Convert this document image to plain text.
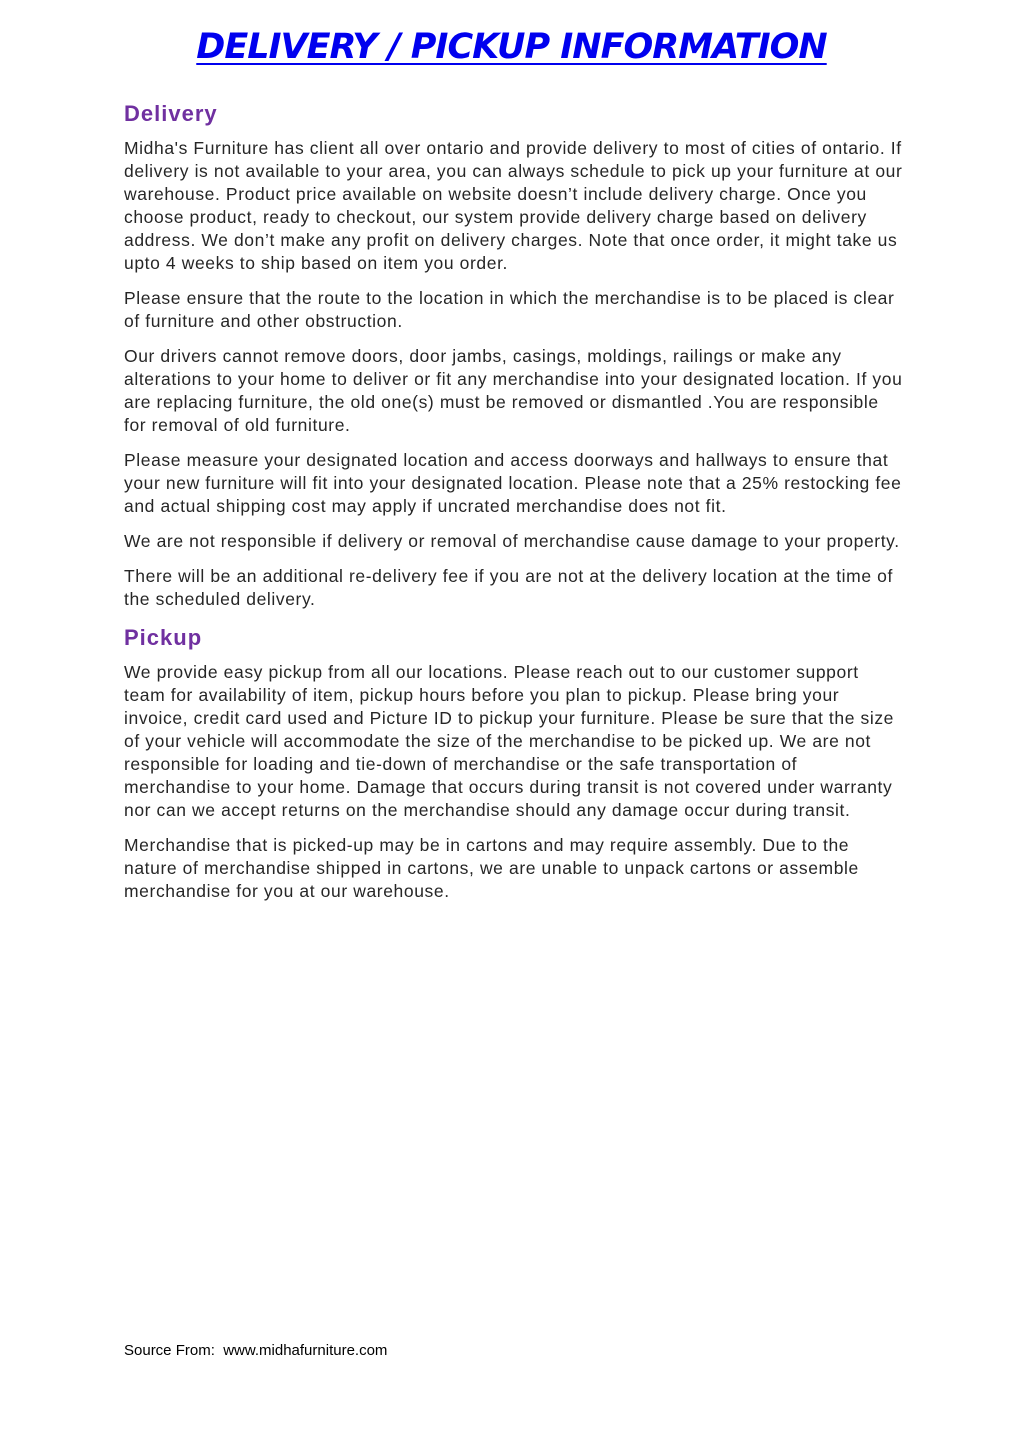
DELIVERY / PICKUP INFORMATION
Delivery

Midha's Furniture has client all over ontario and provide delivery to most of cities of ontario. If delivery is not available to your area, you can always schedule to pick up your furniture at our warehouse. Product price available on website doesn’t include delivery charge. Once you choose product, ready to checkout, our system provide delivery charge based on delivery address. We don’t make any profit on delivery charges. Note that once order, it might take us upto 4 weeks to ship based on item you order.

Please ensure that the route to the location in which the merchandise is to be placed is clear of furniture and other obstruction.

Our drivers cannot remove doors, door jambs, casings, moldings, railings or make any alterations to your home to deliver or fit any merchandise into your designated location. If you are replacing furniture, the old one(s) must be removed or dismantled .You are responsible for removal of old furniture.

Please measure your designated location and access doorways and hallways to ensure that your new furniture will fit into your designated location. Please note that a 25% restocking fee and actual shipping cost may apply if uncrated merchandise does not fit.

We are not responsible if delivery or removal of merchandise cause damage to your property.

There will be an additional re-delivery fee if you are not at the delivery location at the time of the scheduled delivery.

Pickup

We provide easy pickup from all our locations. Please reach out to our customer support team for availability of item, pickup hours before you plan to pickup. Please bring your invoice, credit card used and Picture ID to pickup your furniture. Please be sure that the size of your vehicle will accommodate the size of the merchandise to be picked up. We are not responsible for loading and tie-down of merchandise or the safe transportation of merchandise to your home. Damage that occurs during transit is not covered under warranty nor can we accept returns on the merchandise should any damage occur during transit.

Merchandise that is picked-up may be in cartons and may require assembly. Due to the nature of merchandise shipped in cartons, we are unable to unpack cartons or assemble merchandise for you at our warehouse.

Source From:  www.midhafurniture.com
